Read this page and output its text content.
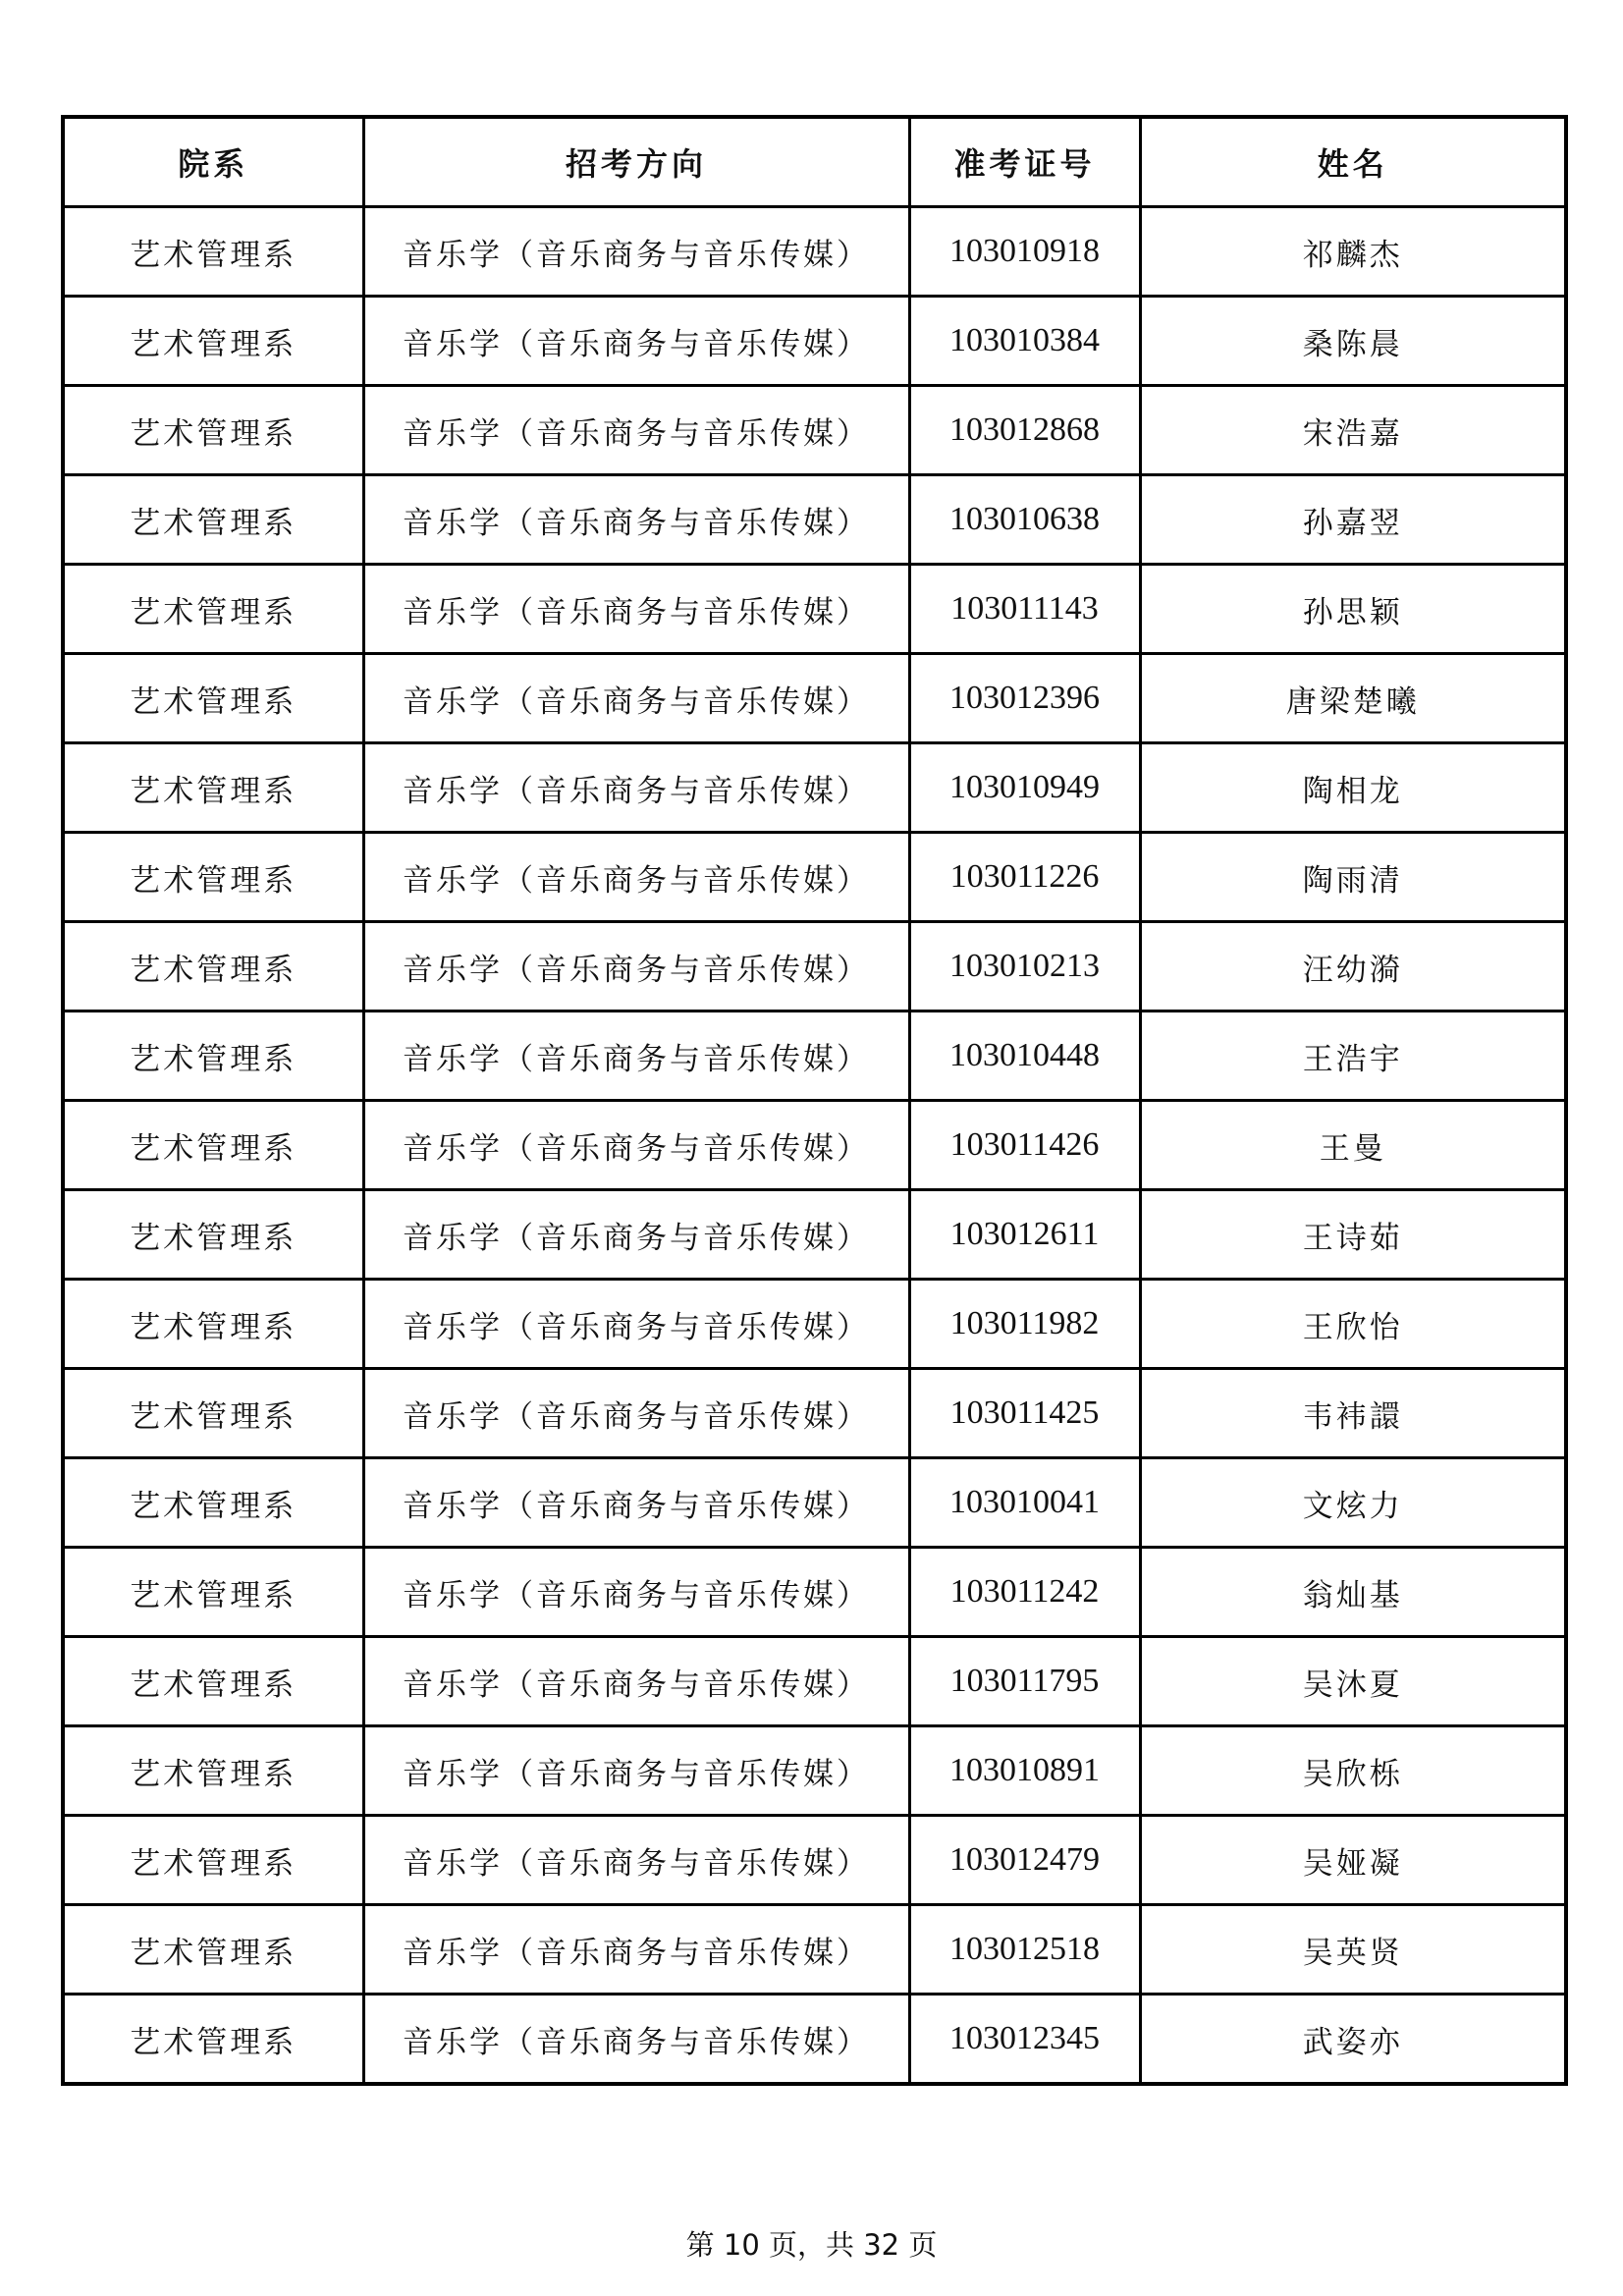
院系	招考方向	准考证号	姓名
艺术管理系	音乐学（音乐商务与音乐传媒）	103010918	祁麟杰
艺术管理系	音乐学（音乐商务与音乐传媒）	103010384	桑陈晨
艺术管理系	音乐学（音乐商务与音乐传媒）	103012868	宋浩嘉
艺术管理系	音乐学（音乐商务与音乐传媒）	103010638	孙嘉翌
艺术管理系	音乐学（音乐商务与音乐传媒）	103011143	孙思颖
艺术管理系	音乐学（音乐商务与音乐传媒）	103012396	唐梁楚曦
艺术管理系	音乐学（音乐商务与音乐传媒）	103010949	陶相龙
艺术管理系	音乐学（音乐商务与音乐传媒）	103011226	陶雨清
艺术管理系	音乐学（音乐商务与音乐传媒）	103010213	汪幼漪
艺术管理系	音乐学（音乐商务与音乐传媒）	103010448	王浩宇
艺术管理系	音乐学（音乐商务与音乐传媒）	103011426	王曼
艺术管理系	音乐学（音乐商务与音乐传媒）	103012611	王诗茹
艺术管理系	音乐学（音乐商务与音乐传媒）	103011982	王欣怡
艺术管理系	音乐学（音乐商务与音乐传媒）	103011425	韦袆譞
艺术管理系	音乐学（音乐商务与音乐传媒）	103010041	文炫力
艺术管理系	音乐学（音乐商务与音乐传媒）	103011242	翁灿基
艺术管理系	音乐学（音乐商务与音乐传媒）	103011795	吴沐夏
艺术管理系	音乐学（音乐商务与音乐传媒）	103010891	吴欣栎
艺术管理系	音乐学（音乐商务与音乐传媒）	103012479	吴娅凝
艺术管理系	音乐学（音乐商务与音乐传媒）	103012518	吴英贤
艺术管理系	音乐学（音乐商务与音乐传媒）	103012345	武姿亦
第 10 页，共 32 页
